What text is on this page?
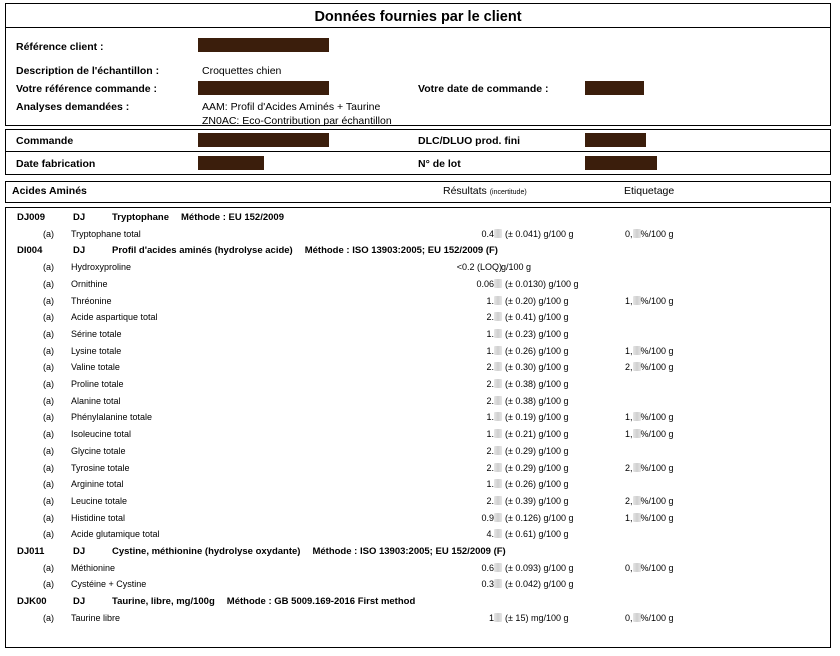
Données fournies par le client
Référence client :
Description de l'échantillon :	Croquettes chien
Votre référence commande :	Votre date de commande :
Analyses demandées :	AAM: Profil d'Acides Aminés + Taurine
ZN0AC: Eco-Contribution par échantillon
Commande	DLC/DLUO prod. fini
Date fabrication	N° de lot
Acides Aminés	Résultats (incertitude)	Etiquetage
DJ009	DJ	Tryptophane Méthode : EU 152/2009
(a) Tryptophane total	0.4	(± 0.041) g/100 g	0, %/100 g
DI004	DJ	Profil d'acides aminés (hydrolyse acide) Méthode : ISO 13903:2005; EU 152/2009 (F)
(a) Hydroxyproline	<0.2 (LOQ) g/100 g
(a) Ornithine	0.06	(± 0.0130) g/100 g
(a) Thréonine	1.	(± 0.20) g/100 g	1, %/100 g
(a) Acide aspartique total	2.	(± 0.41) g/100 g
(a) Sérine totale	1.	(± 0.23) g/100 g
(a) Lysine totale	1.	(± 0.26) g/100 g	1, %/100 g
(a) Valine totale	2.	(± 0.30) g/100 g	2, %/100 g
(a) Proline totale	2.	(± 0.38) g/100 g
(a) Alanine total	2.	(± 0.38) g/100 g
(a) Phénylalanine totale	1.	(± 0.19) g/100 g	1, %/100 g
(a) Isoleucine total	1.	(± 0.21) g/100 g	1, %/100 g
(a) Glycine totale	2.	(± 0.29) g/100 g
(a) Tyrosine totale	2.	(± 0.29) g/100 g	2, %/100 g
(a) Arginine total	1.	(± 0.26) g/100 g
(a) Leucine totale	2.	(± 0.39) g/100 g	2, %/100 g
(a) Histidine total	0.9	(± 0.126) g/100 g	1, %/100 g
(a) Acide glutamique total	4.	(± 0.61) g/100 g
DJ011	DJ	Cystine, méthionine (hydrolyse oxydante) Méthode : ISO 13903:2005; EU 152/2009 (F)
(a) Méthionine	0.6	(± 0.093) g/100 g	0, %/100 g
(a) Cystéine + Cystine	0.3	(± 0.042) g/100 g
DJK00	DJ	Taurine, libre, mg/100g Méthode : GB 5009.169-2016 First method
(a) Taurine libre	1	(± 15) mg/100 g	0, %/100 g
